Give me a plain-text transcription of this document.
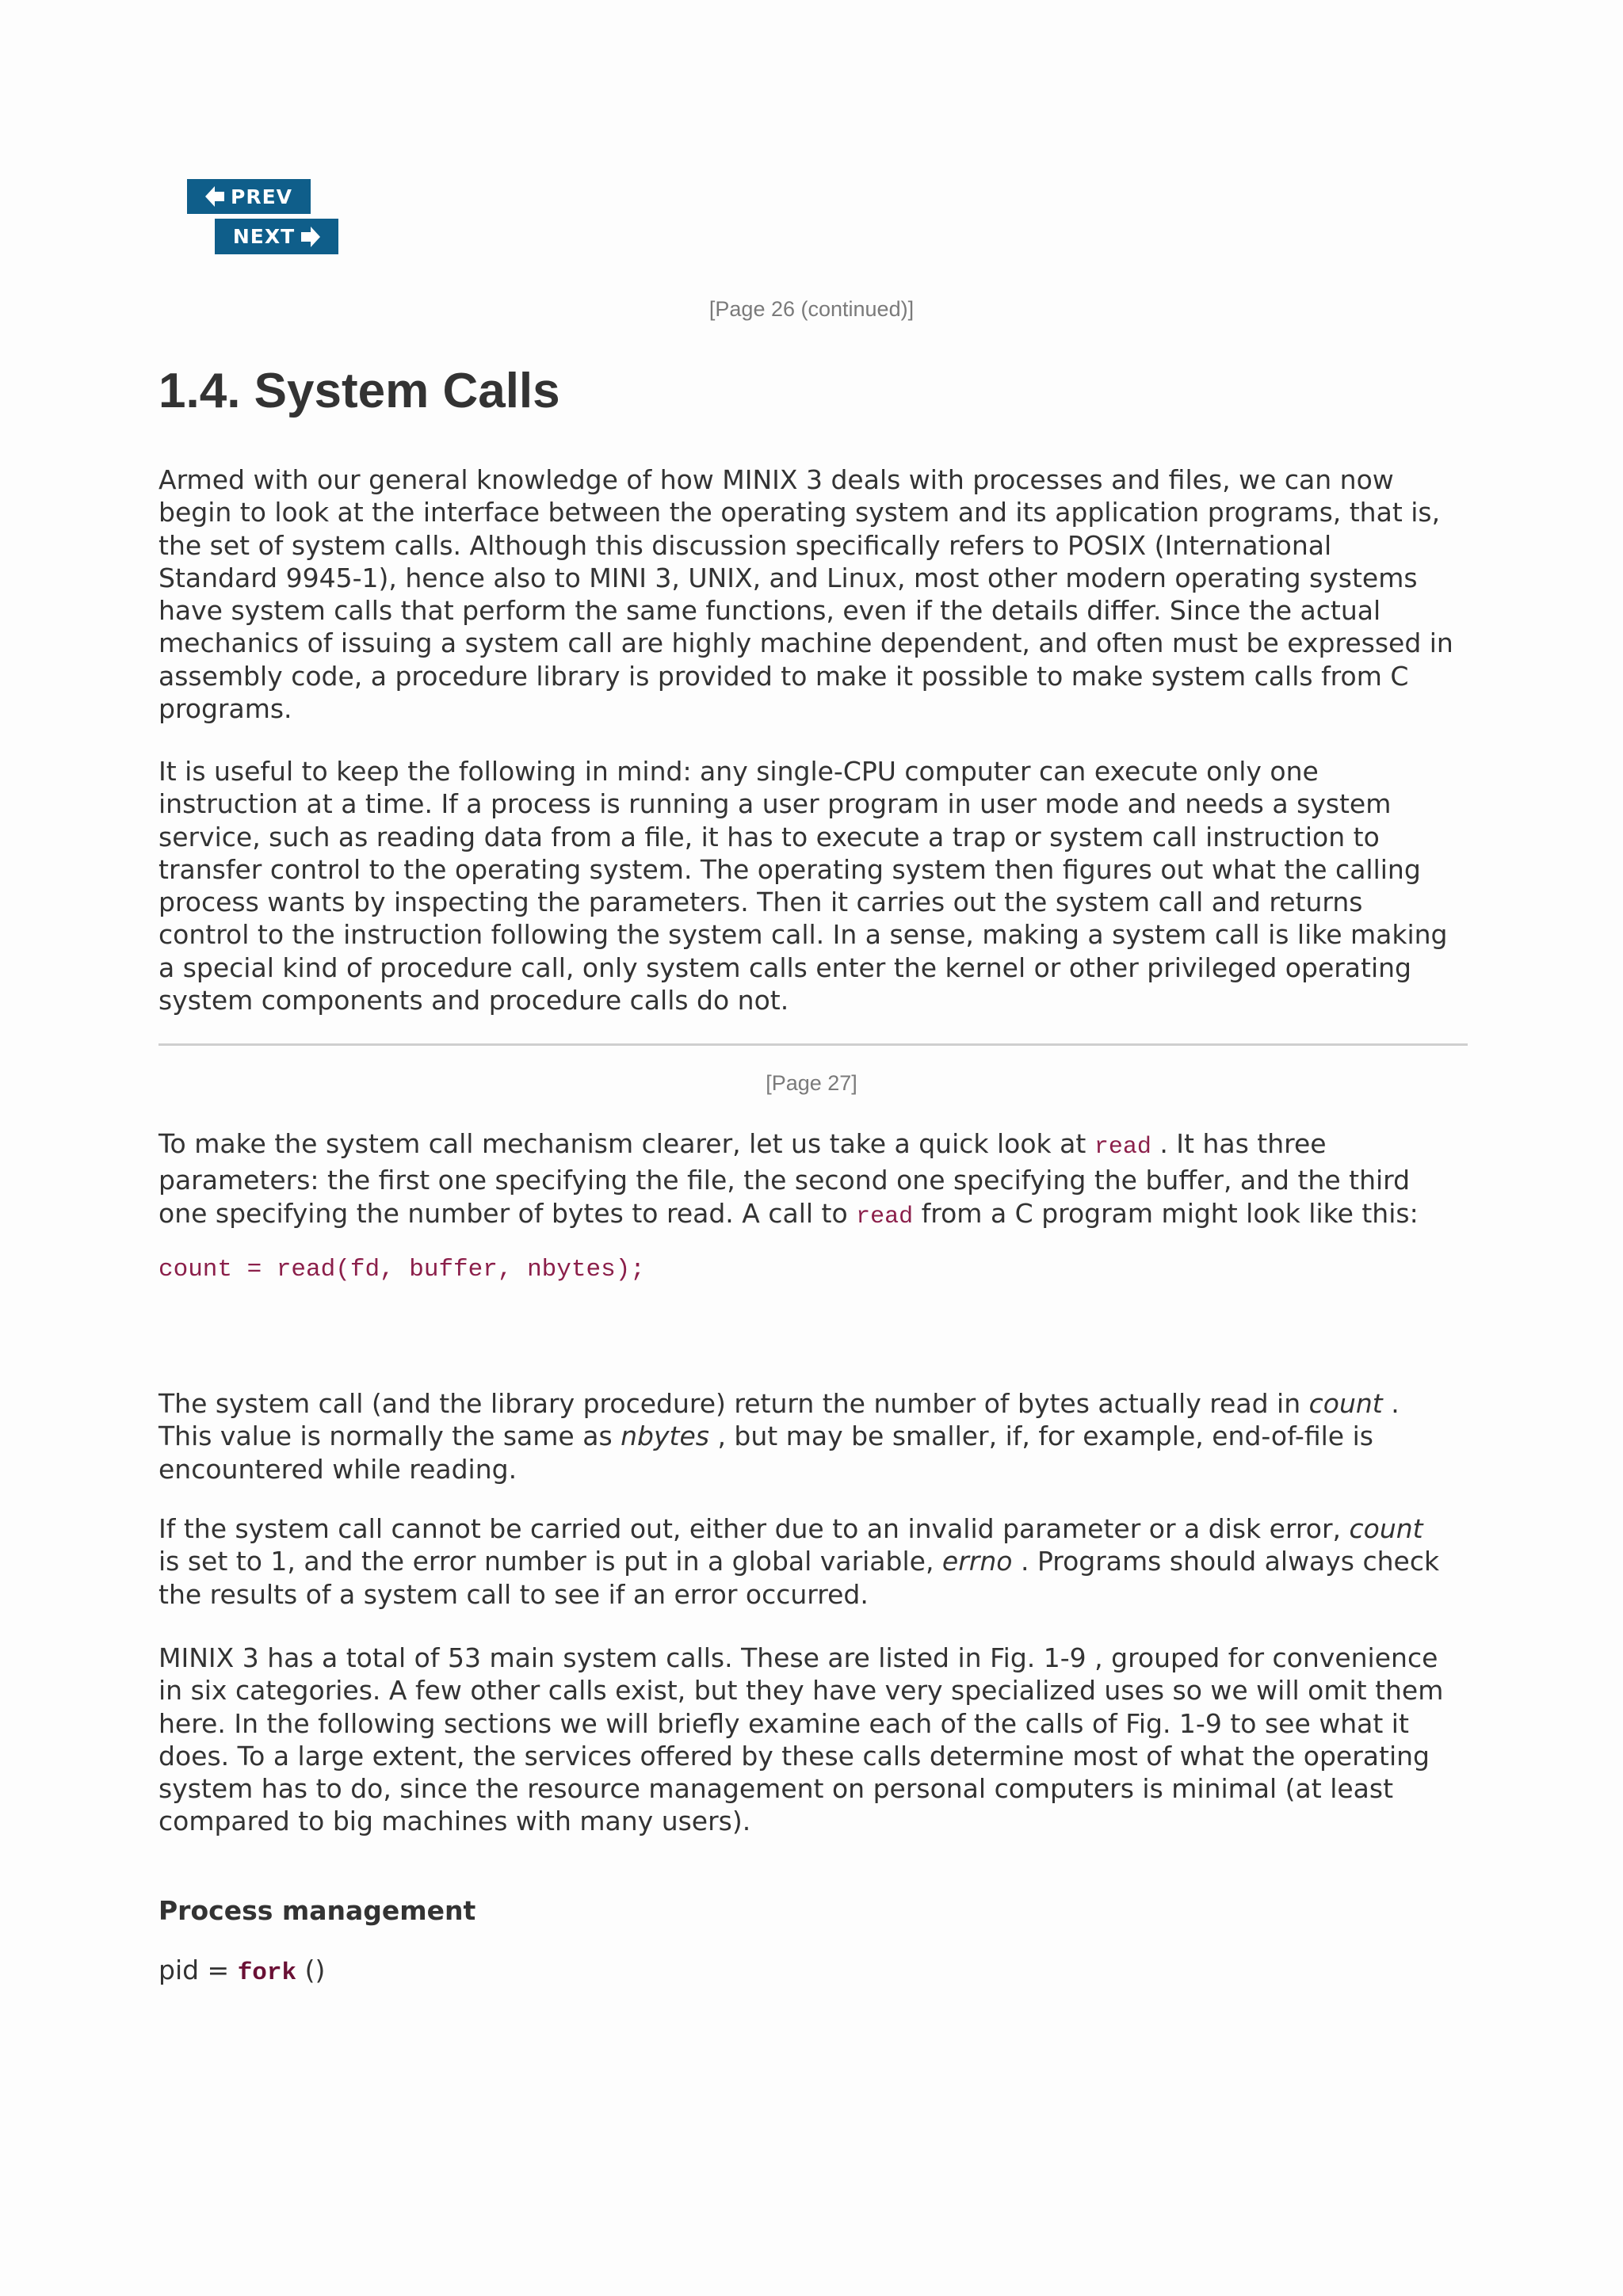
PREV
NEXT
[Page 26 (continued)]
1.4. System Calls

Armed with our general knowledge of how MINIX 3 deals with processes and files, we can now
begin to look at the interface between the operating system and its application programs, that is,
the set of system calls. Although this discussion specifically refers to POSIX (International
Standard 9945-1), hence also to MINI 3, UNIX, and Linux, most other modern operating systems
have system calls that perform the same functions, even if the details differ. Since the actual
mechanics of issuing a system call are highly machine dependent, and often must be expressed in
assembly code, a procedure library is provided to make it possible to make system calls from C
programs.

It is useful to keep the following in mind: any single-CPU computer can execute only one
instruction at a time. If a process is running a user program in user mode and needs a system
service, such as reading data from a file, it has to execute a trap or system call instruction to
transfer control to the operating system. The operating system then figures out what the calling
process wants by inspecting the parameters. Then it carries out the system call and returns
control to the instruction following the system call. In a sense, making a system call is like making
a special kind of procedure call, only system calls enter the kernel or other privileged operating
system components and procedure calls do not.

[Page 27]

To make the system call mechanism clearer, let us take a quick look at read . It has three
parameters: the first one specifying the file, the second one specifying the buffer, and the third
one specifying the number of bytes to read. A call to read from a C program might look like this:

count = read(fd, buffer, nbytes);

The system call (and the library procedure) return the number of bytes actually read in count .
This value is normally the same as nbytes , but may be smaller, if, for example, end-of-file is
encountered while reading.

If the system call cannot be carried out, either due to an invalid parameter or a disk error, count
is set to 1, and the error number is put in a global variable, errno . Programs should always check
the results of a system call to see if an error occurred.

MINIX 3 has a total of 53 main system calls. These are listed in Fig. 1-9 , grouped for convenience
in six categories. A few other calls exist, but they have very specialized uses so we will omit them
here. In the following sections we will briefly examine each of the calls of Fig. 1-9 to see what it
does. To a large extent, the services offered by these calls determine most of what the operating
system has to do, since the resource management on personal computers is minimal (at least
compared to big machines with many users).

Process management
pid = fork ()
